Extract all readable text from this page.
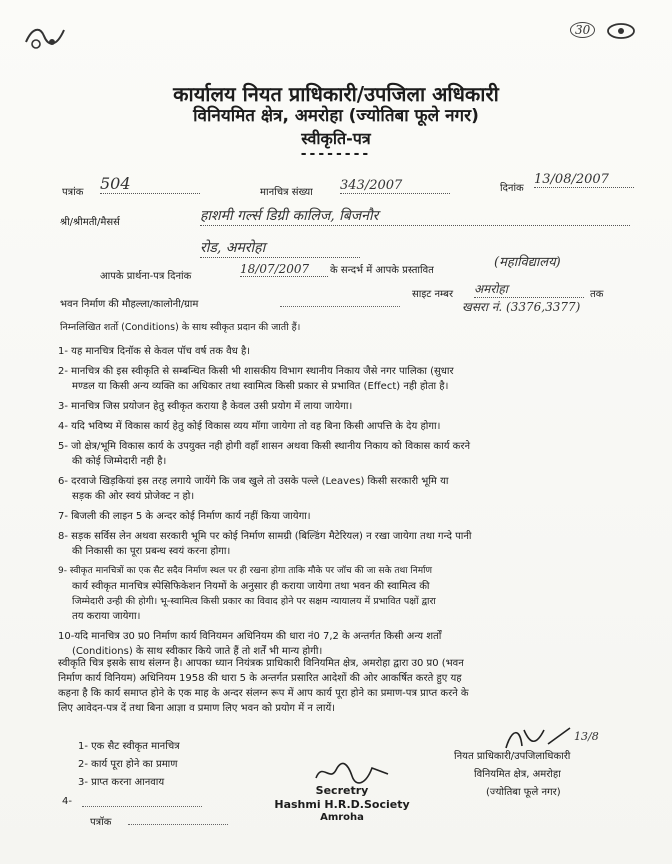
30
कार्यालय नियत प्राधिकारी/उपजिला अधिकारी
विनियमित क्षेत्र, अमरोहा (ज्योतिबा फूले नगर)
स्वीकृति-पत्र
--------
पत्रांक 504	मानचित्र संख्या 343/2007	दिनांक
13/08/2007
श्री/श्रीमती/मैसर्स	हाशमी गर्ल्स डिग्री कालिज, बिजनौर
रोड, अमरोहा
आपके प्रार्थना-पत्र दिनांक
18/07/2007	के सन्दर्भ में आपके प्रस्तावित
(महाविद्यालय)
भवन निर्माण की मौहल्ला/कालोनी/ग्राम
साइट नम्बर अमरोहा	तक
खसरा नं. (3376,3377)
निम्नलिखित शर्तो (Conditions) के साथ स्वीकृत प्रदान की जाती हैं।
1- यह मानचित्र दिनॉक से केवल पॉच वर्ष तक वैध है।
2- मानचित्र की इस स्वीकृति से सम्बन्धित किसी भी शासकीय विभाग स्थानीय निकाय जैसे नगर पालिका (सुधार
मण्डल या किसी अन्य व्यक्ति का अधिकार तथा स्वामित्व किसी प्रकार से प्रभावित (Effect) नही होता है।
3- मानचित्र जिस प्रयोजन हेतु स्वीकृत कराया है केवल उसी प्रयोग में लाया जायेगा।
4- यदि भविष्य में विकास कार्य हेतु कोई विकास व्यय मॉगा जायेगा तो वह बिना किसी आपत्ति के देय होगा।
5- जो क्षेत्र/भूमि विकास कार्य के उपयुक्त नही होगी वहाँ शासन अथवा किसी स्थानीय निकाय को विकास कार्य करने
की कोई जिम्मेदारी नही है।
6- दरवाजे खिड़कियां इस तरह लगाये जायेंगे कि जब खुले तो उसके पल्ले (Leaves) किसी सरकारी भूमि या
सड़क की ओर स्वयं प्रोजेक्ट न हो।
7- बिजली की लाइन 5 के अन्दर कोई निर्माण कार्य नहीं किया जायेगा।
8- सड़क सर्विस लेन अथवा सरकारी भूमि पर कोई निर्माण सामग्री (बिल्डिंग मैटेरियल) न रखा जायेगा तथा गन्दे पानी
की निकासी का पूरा प्रबन्ध स्वयं करना होगा।
9- स्वीकृत मानचित्रों का एक सैट सदैव निर्माण स्थल पर ही रखना होगा ताकि मौके पर जॉच की जा सके तथा निर्माण
कार्य स्वीकृत मानचित्र स्पेसिफिकेशन नियमों के अनुसार ही कराया जायेगा तथा भवन की स्वामित्व की
जिम्मेदारी उन्ही की होगी। भू-स्वामित्व किसी प्रकार का विवाद होने पर सक्षम न्यायालय में प्रभावित पक्षों द्वारा
तय कराया जायेगा।
10-यदि मानचित्र उ0 प्र0 निर्माण कार्य विनियमन अधिनियम की धारा नं0 7,2 के अन्तर्गत किसी अन्य शर्तों
(Conditions) के साथ स्वीकार किये जाते हैं तो शर्तें भी मान्य होगी।
स्वीकृति चित्र इसके साथ संलग्न है। आपका ध्यान नियंत्रक प्राधिकारी विनियमित क्षेत्र, अमरोहा द्वारा उ0 प्र0 (भवन
निर्माण कार्य विनियम) अधिनियम 1958 की धारा 5 के अन्तर्गत प्रसारित आदेशों की ओर आकर्षित करते हुए यह
कहना है कि कार्य समाप्त होने के एक माह के अन्दर संलग्न रूप में आप कार्य पूरा होने का प्रमाण-पत्र प्राप्त करने के
लिए आवेदन-पत्र दें तथा बिना आज्ञा व प्रमाण लिए भवन को प्रयोग में न लायें।
1- एक सैट स्वीकृत मानचित्र
2- कार्य पूरा होने का प्रमाण
3- प्राप्त करना आनवाय
4-
पत्रॉक
Secretry
Hashmi H.R.D.Society
Amroha
13/8
नियत प्राधिकारी/उपजिलाधिकारी
विनियमित क्षेत्र, अमरोहा
(ज्योतिबा फूले नगर)
